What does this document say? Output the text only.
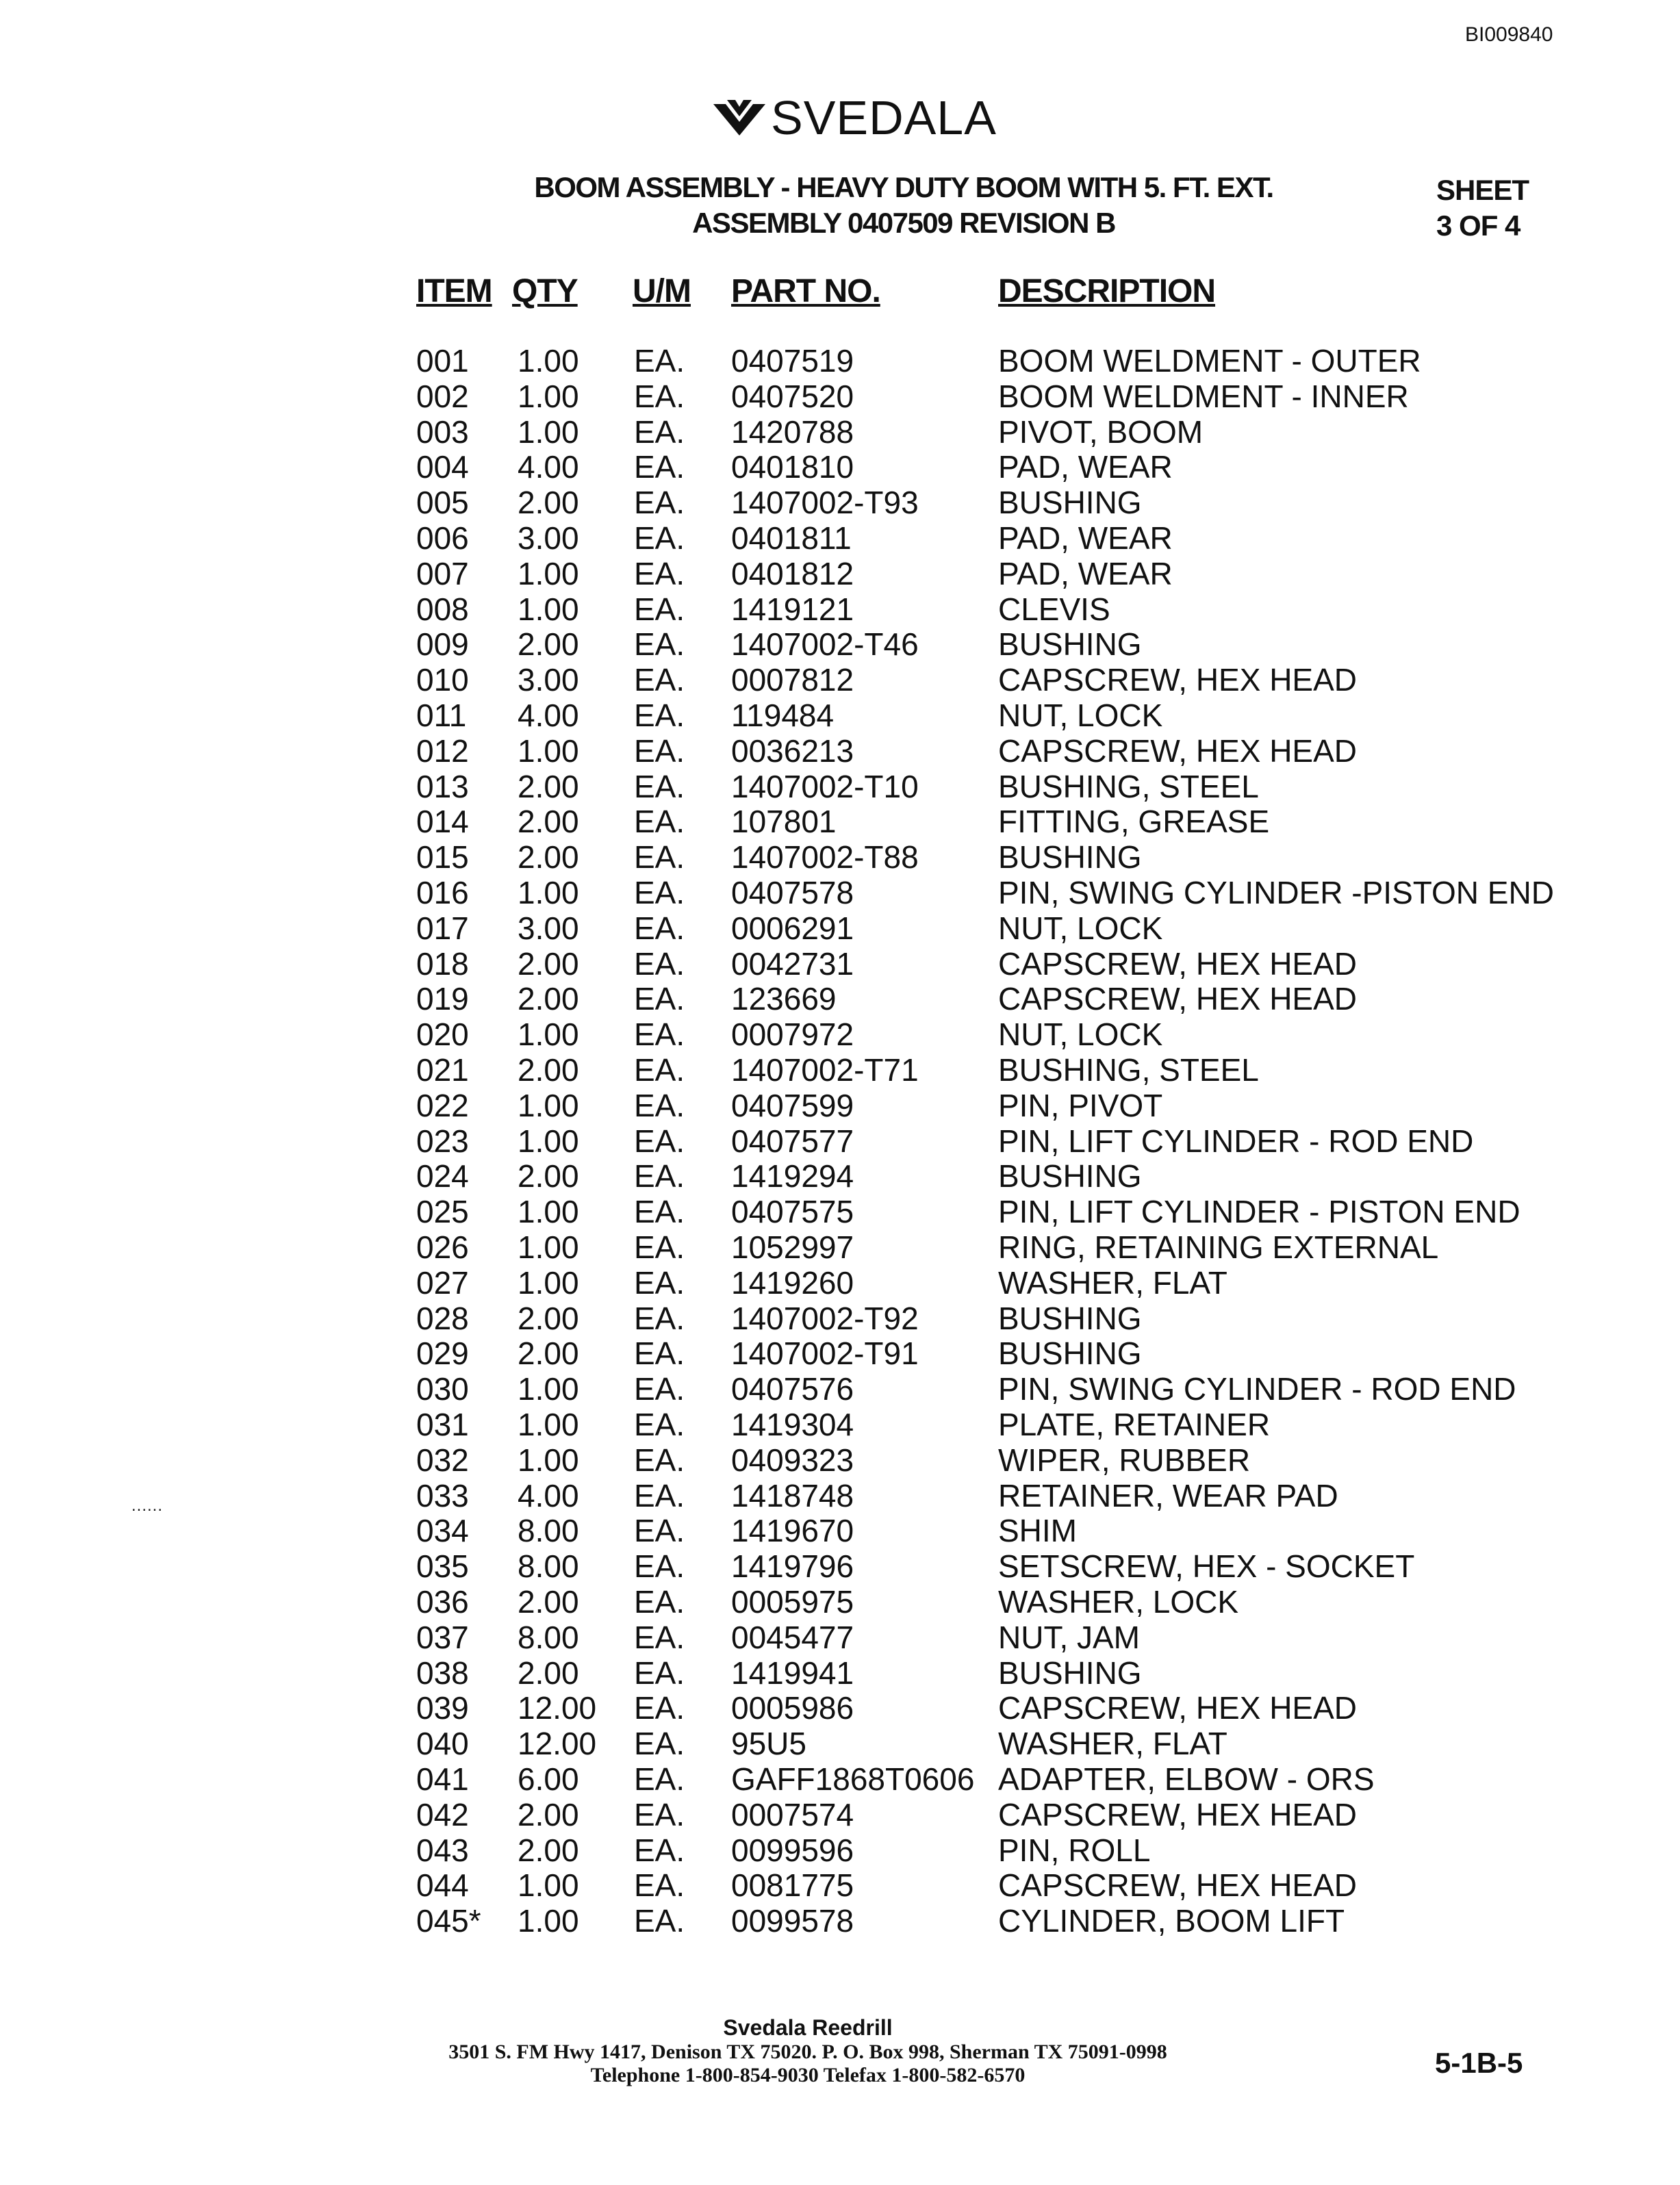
BI009840
SVEDALA
BOOM ASSEMBLY - HEAVY DUTY BOOM WITH 5. FT. EXT.
ASSEMBLY 0407509 REVISION B
SHEET
3 OF 4
ITEM QTY U/M PART NO.	DESCRIPTION
001 1.00 EA. 0407519	BOOM WELDMENT - OUTER
002 1.00 EA. 0407520	BOOM WELDMENT - INNER
003 1.00 EA. 1420788	PIVOT, BOOM
004 4.00 EA. 0401810	PAD, WEAR
005 2.00 EA. 1407002-T93	BUSHING
006 3.00 EA. 0401811	PAD, WEAR
007 1.00 EA. 0401812	PAD, WEAR
008 1.00 EA. 1419121	CLEVIS
009 2.00 EA. 1407002-T46	BUSHING
010 3.00 EA. 0007812	CAPSCREW, HEX HEAD
011 4.00 EA. 119484	NUT, LOCK
012 1.00 EA. 0036213	CAPSCREW, HEX HEAD
013 2.00 EA. 1407002-T10	BUSHING, STEEL
014 2.00 EA. 107801	FITTING, GREASE
015 2.00 EA. 1407002-T88	BUSHING
016 1.00 EA. 0407578	PIN, SWING CYLINDER -PISTON END
017 3.00 EA. 0006291	NUT, LOCK
018 2.00 EA. 0042731	CAPSCREW, HEX HEAD
019 2.00 EA. 123669	CAPSCREW, HEX HEAD
020 1.00 EA. 0007972	NUT, LOCK
021 2.00 EA. 1407002-T71	BUSHING, STEEL
022 1.00 EA. 0407599	PIN, PIVOT
023 1.00 EA. 0407577	PIN, LIFT CYLINDER - ROD END
024 2.00 EA. 1419294	BUSHING
025 1.00 EA. 0407575	PIN, LIFT CYLINDER - PISTON END
026 1.00 EA. 1052997	RING, RETAINING EXTERNAL
027 1.00 EA. 1419260	WASHER, FLAT
028 2.00 EA. 1407002-T92	BUSHING
029 2.00 EA. 1407002-T91	BUSHING
030 1.00 EA. 0407576	PIN, SWING CYLINDER - ROD END
031 1.00 EA. 1419304	PLATE, RETAINER
032 1.00 EA. 0409323	WIPER, RUBBER
033 4.00 EA. 1418748	RETAINER, WEAR PAD
034 8.00 EA. 1419670	SHIM
035 8.00 EA. 1419796	SETSCREW, HEX - SOCKET
036 2.00 EA. 0005975	WASHER, LOCK
037 8.00 EA. 0045477	NUT, JAM
038 2.00 EA. 1419941	BUSHING
039 12.00 EA. 0005986	CAPSCREW, HEX HEAD
040 12.00 EA. 95U5	WASHER, FLAT
041 6.00 EA. GAFF1868T0606 ADAPTER, ELBOW - ORS
042 2.00 EA. 0007574	CAPSCREW, HEX HEAD
043 2.00 EA. 0099596	PIN, ROLL
044 1.00 EA. 0081775	CAPSCREW, HEX HEAD
045* 1.00 EA. 0099578	CYLINDER, BOOM LIFT
......
Svedala Reedrill
3501 S. FM Hwy 1417, Denison TX 75020. P. O. Box 998, Sherman TX 75091-0998
Telephone 1-800-854-9030 Telefax 1-800-582-6570	5-1B-5
